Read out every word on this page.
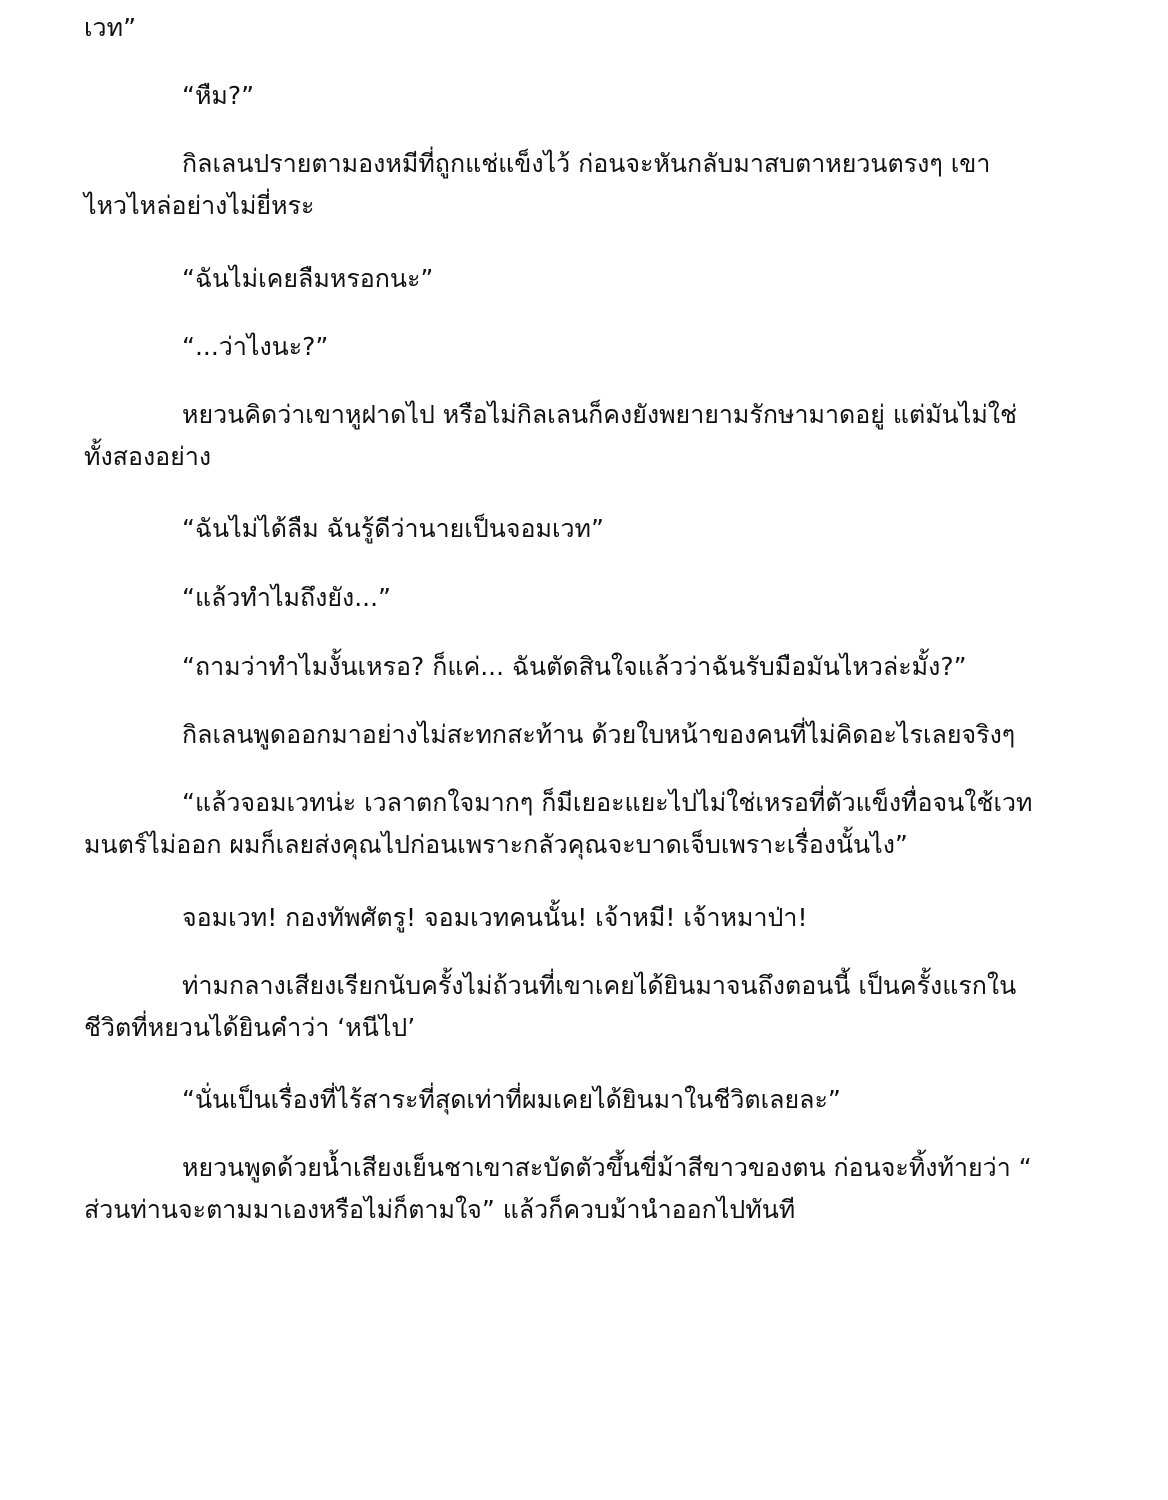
เวท”

“หืม?”

กิลเลนปรายตามองหมีที่ถูกแช่แข็งไว้ ก่อนจะหันกลับมาสบตาหยวนตรงๆ เขา
ไหวไหล่อย่างไม่ยี่หระ

“ฉันไม่เคยลืมหรอกนะ”

“...ว่าไงนะ?”

หยวนคิดว่าเขาหูฝาดไป หรือไม่กิลเลนก็คงยังพยายามรักษามาดอยู่ แต่มันไม่ใช่
ทั้งสองอย่าง

“ฉันไม่ได้ลืม ฉันรู้ดีว่านายเป็นจอมเวท”

“แล้วทำไมถึงยัง...”

“ถามว่าทำไมงั้นเหรอ? ก็แค่... ฉันตัดสินใจแล้วว่าฉันรับมือมันไหวล่ะมั้ง?”

กิลเลนพูดออกมาอย่างไม่สะทกสะท้าน ด้วยใบหน้าของคนที่ไม่คิดอะไรเลยจริงๆ

“แล้วจอมเวทน่ะ เวลาตกใจมากๆ ก็มีเยอะแยะไปไม่ใช่เหรอที่ตัวแข็งทื่อจนใช้เวท
มนตร์ไม่ออก ผมก็เลยส่งคุณไปก่อนเพราะกลัวคุณจะบาดเจ็บเพราะเรื่องนั้นไง”

จอมเวท! กองทัพศัตรู! จอมเวทคนนั้น! เจ้าหมี! เจ้าหมาป่า!

ท่ามกลางเสียงเรียกนับครั้งไม่ถ้วนที่เขาเคยได้ยินมาจนถึงตอนนี้ เป็นครั้งแรกใน
ชีวิตที่หยวนได้ยินคำว่า ‘หนีไป’

“นั่นเป็นเรื่องที่ไร้สาระที่สุดเท่าที่ผมเคยได้ยินมาในชีวิตเลยละ”

หยวนพูดด้วยน้ำเสียงเย็นชาเขาสะบัดตัวขึ้นขี่ม้าสีขาวของตน ก่อนจะทิ้งท้ายว่า “
ส่วนท่านจะตามมาเองหรือไม่ก็ตามใจ” แล้วก็ควบม้านำออกไปทันที
